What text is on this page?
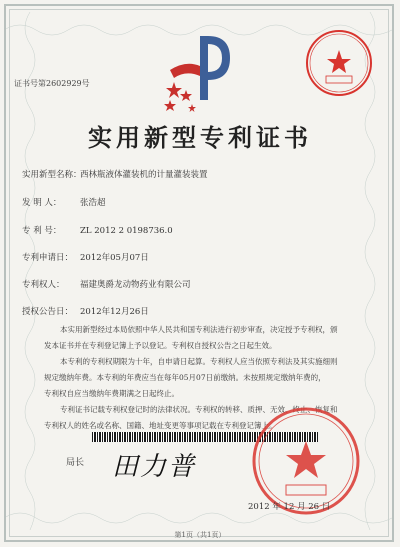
证书号第2602929号
实用新型专利证书
实用新型名称：西林瓶液体灌装机的计量灌装装置
发 明 人： 张浩超
专 利 号： ZL 2012 2 0198736.0
专利申请日： 2012年05月07日
专利权人： 福建奥爵龙动物药业有限公司
授权公告日： 2012年12月26日
本实用新型经过本局依照中华人民共和国专利法进行初步审查，决定授予专利权，颁
发本证书并在专利登记簿上予以登记。专利权自授权公告之日起生效。
本专利的专利权期限为十年，自申请日起算。专利权人应当依照专利法及其实施细则
规定缴纳年费。本专利的年费应当在每年05月07日前缴纳。未按照规定缴纳年费的，
专利权自应当缴纳年费期满之日起终止。
专利证书记载专利权登记时的法律状况。专利权的转移、质押、无效、终止、恢复和
专利权人的姓名或名称、国籍、地址变更等事项记载在专利登记簿上。
局长 田力普
2012 年 12 月 26 日
第1页（共1页）
